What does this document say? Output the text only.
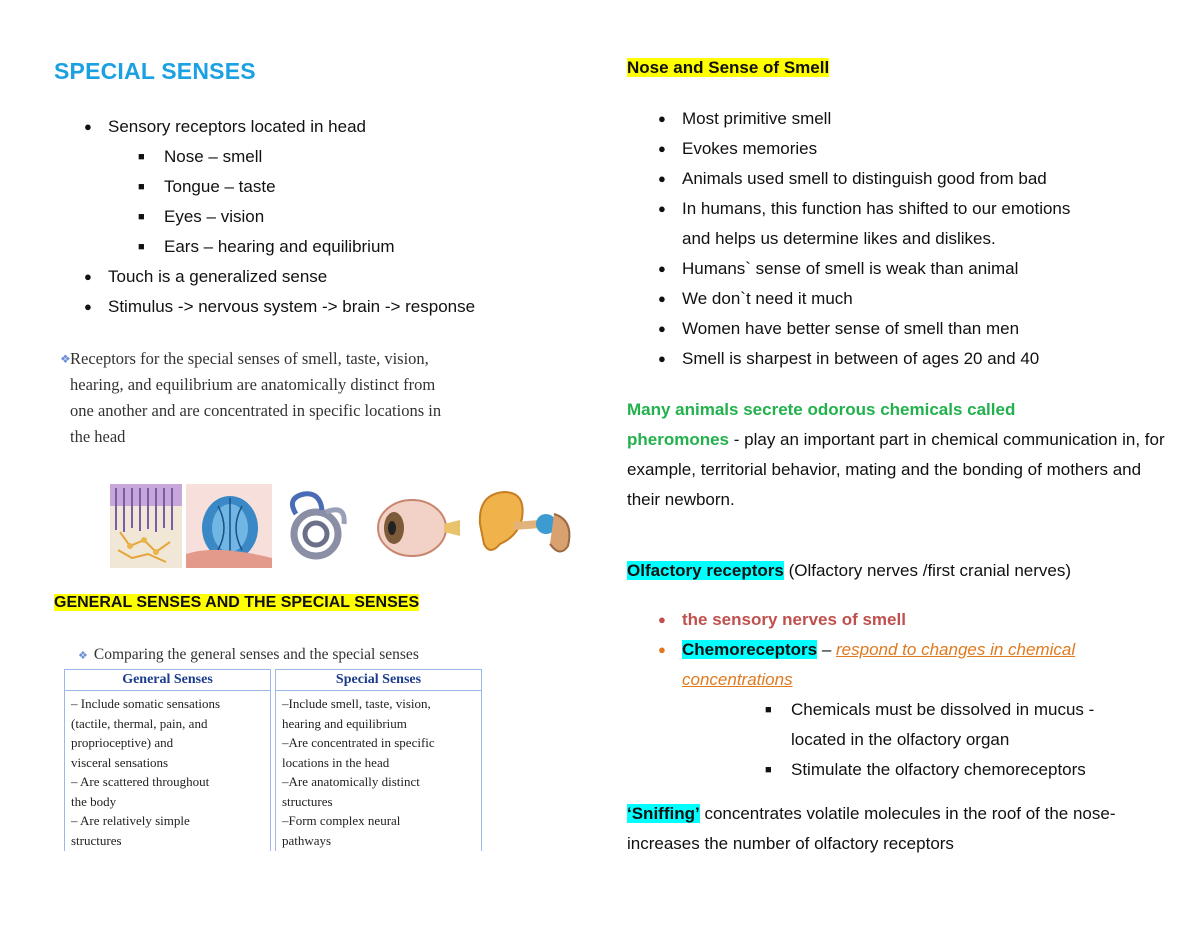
SPECIAL SENSES
● Sensory receptors located in head
■ Nose – smell
■ Tongue – taste
■ Eyes – vision
■ Ears – hearing and equilibrium
● Touch is a generalized sense
● Stimulus -> nervous system -> brain -> response
❖ Receptors for the special senses of smell, taste, vision,
hearing, and equilibrium are anatomically distinct from
one another and are concentrated in specific locations in
the head
GENERAL SENSES AND THE SPECIAL SENSES
❖ Comparing the general senses and the special senses
General Senses
– Include somatic sensations
(tactile, thermal, pain, and
proprioceptive) and
visceral sensations
– Are scattered throughout
the body
– Are relatively simple
structures
Special Senses
–Include smell, taste, vision,
hearing and equilibrium
–Are concentrated in specific
locations in the head
–Are anatomically distinct
structures
–Form complex neural
pathways
Nose and Sense of Smell
● Most primitive smell
● Evokes memories
● Animals used smell to distinguish good from bad
● In humans, this function has shifted to our emotions
and helps us determine likes and dislikes.
● Humans` sense of smell is weak than animal
● We don`t need it much
● Women have better sense of smell than men
● Smell is sharpest in between of ages 20 and 40
Many animals secrete odorous chemicals called
pheromones - play an important part in chemical communication in, for example, territorial behavior, mating and the bonding of mothers and their newborn.
Olfactory receptors (Olfactory nerves /first cranial nerves)
● the sensory nerves of smell
● Chemoreceptors – respond to changes in chemical
concentrations
■ Chemicals must be dissolved in mucus -
located in the olfactory organ
■ Stimulate the olfactory chemoreceptors
‘Sniffing’ concentrates volatile molecules in the roof of the nose- increases the number of olfactory receptors
